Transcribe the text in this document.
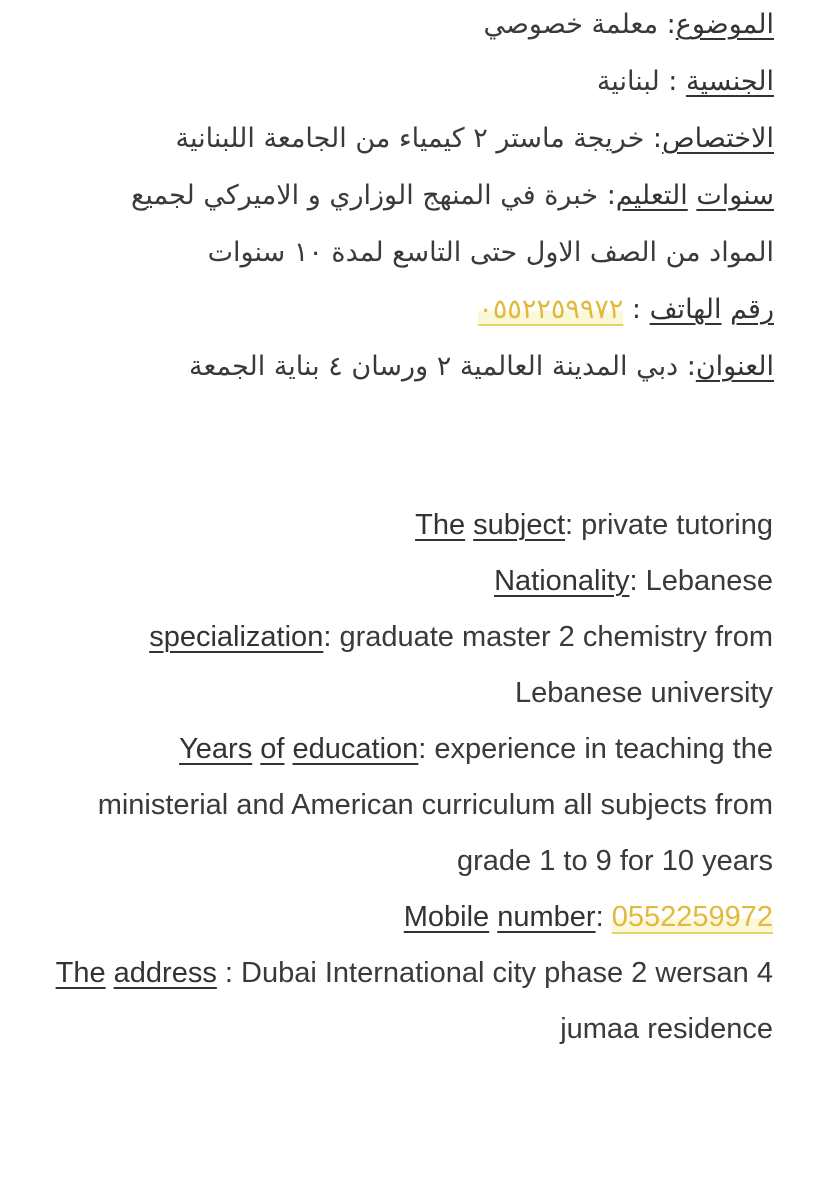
الموضوع: معلمة خصوصي

الجنسية : لبنانية

الاختصاص: خريجة ماستر ٢ كيمياء من الجامعة اللبنانية

سنوات التعليم: خبرة في المنهج الوزاري و الاميركي لجميع المواد من الصف الاول حتى التاسع لمدة ١٠ سنوات

رقم الهاتف : ٠٥٥٢٢٥٩٩٧٢

العنوان: دبي المدينة العالمية ٢ ورسان ٤ بناية الجمعة

The subject: private tutoring

Nationality: Lebanese

specialization: graduate master 2 chemistry from Lebanese university

Years of education: experience in teaching the ministerial and American curriculum all subjects from grade 1 to 9 for 10 years

Mobile number: 0552259972

The address : Dubai International city phase 2 wersan 4 jumaa residence
